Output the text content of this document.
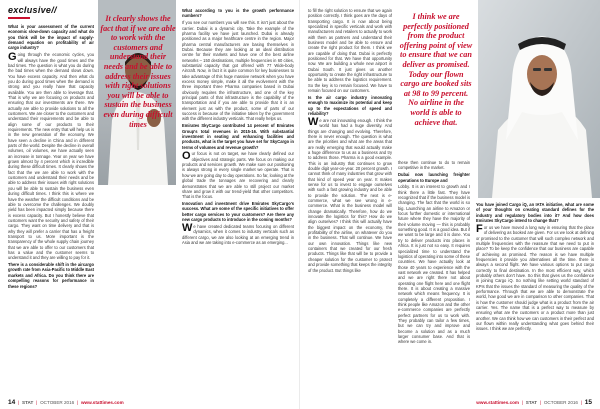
exclusive//

What is your assessment of the current economic slow-down capacity and what do you think will be the impact of supply-demand equation on profitability of air cargo industry?

Going through the economic cycles, you will always have the good times and the bad times. The question is what you do during the bad times when the demand slows down. You have excess capacity. And then what do you do during good times when the demand is strong and you really have that capacity available. You are then able to leverage that. That is why we are focusing on products and ensuring that our investments are there. We actually are able to provide solutions to all the customers. We are closer to the customers and understand their requirements and be able to align some of our products to their requirements. The new entry that will help us is in the new generation of the economy. We have seen a decline in China and in different parts of the world. Despite the decline in overall volumes, oil volumes, we have actually seen an increase in tonnage. Year on year we have grown almost by 4 percent which is incredible during these difficult times. It clearly shows the fact that the we are able to work with the customers and understand their needs and be able to address their issues with right solutions you will be able to sustain the business even during difficult times. I think this is where we have the weather the difficult conditions and be able to overcome the challenges. We doubly yield has been impacted simply because there is excess capacity. But I honestly believe that customers want the security and safety of their cargo. They want on time delivery and that is why they will prefer a carrier that has a freight transport to us. More important is the transparency of the whole supply chain journey that we are able to offer to our customers that has a value and the customer seems to understand it and they are willing to pay for it.

There is a considerable shift in the aircargo growth rate from Asia-Pacific to Middle East markets and Africa. Do you think there are compelling reasons for performance in these regions?

It clearly shows the fact that if we are able to work with the customers and understand their needs and be able to address their issues with right solutions you will be able to sustain the business even during difficult times

What according to you is the growth performance numbers?

If you see our numbers you will see this. It isn't just about the carrier. Dubai is a dynamic city. Take the example of the pharma facility we have just launched. Dubai is already positioned as a major healthcare centre in the region. Major pharma central manufacturers are basing themselves in Dubai. Because they are looking at an ideal distribution centre for their markets and have one of the best airline networks – 150 destinations, multiple frequencies in 60 cities, substantial capacity that got offered with 77 Wide-body Aircraft. Now, in fact it is quite common for key businesses to take advantage of this huge massive network when you have excess money simple, make it all the evolvement with the three important three Pharma companies based in Dubai obviously requires the infrastructure, and one of the key principal parts of that infrastructure is the capability of the transportation and if you are able to provide that it is an element just as with the product, some of parts of our success is because of the initiative taken by the government with the different industry verticals. That really helps us.

Emirates SkyCargo contributed 14 percent of Emirates Group's total revenues in 2015-16. With substantial investment in seating and enhancing facilities and products, what is the target you have set for SkyCargo in terms of volumes and revenue growth?

Our focus is not on target, we have clearly defined our objectives and strategic parts. We focus on making our products and services growth. We make sure our positioning is always strong in every single market we operate. That is how we are going day to day operations. So far, looking at the global trade the tonnages are recovering and clearly demonstrates that we are able to still project our market share and grow it with our trend-yield that other competitors. That is the focus.

Innovation and investment drive Emirates SkyCargo's success. What are some of the specific initiatives to offer better cargo services to your customers? Are there any new cargo products to introduce in the coming months?

We have created dedicated teams focusing on different dynamics, when it comes to industry verticals such as different cargo, we are also looking at an emerging trend in Asia and we are taking into e-commerce as an emerging...

14 | STAT | OCTOBER 2016 | www.stattimes.com

to fill the right solution to ensure that we again position correctly. I think goes are the days of transporting cargo. It is now about being specialized in specific verticals and work with manufacturers and retailers to actually to work with them as partners and understand their business model and be able to ensure and create the right product for them. I think we are capable of doing that. Dubai is perfectly positioned for that. We have that opportunity now. We are building a whole new airport in Dubai South. It just gives us another opportunity to create the right infrastructure to be able to address the logistics requirement. So the key is to remain focused. We have to remain focused on our customers.

Is the air cargo industry innovating enough to maximize its potential and keep up to the expectations of speed and reliability?

We are not innovating enough. I think the world has had a huge diversity. And things are changing and evolving. Therefore, there is never enough. The question is what are the priorities and what are the areas that are really emerging that would actually make a huge difference to us as a business and try to address those. Pharma is a good example. This is an industry that continues to grow double digit year-on-year. 20 percent growth. I cannot think of many industries that grow with that kind of speed year on year. It makes sense for us to invest to engage ourselves with such a fast growing industry and be able to provide the solution. The next is e-commerce, what we see wrong in e-commerce. What is the business model will change dramatically. Therefore, how do we innovate the logistics for this? How do we align ourselves? I think this will actually have the biggest impact on the economy, the profitability of the airline, on whatever do you in the business. That will continue. We have our own innovation. Things like new containers that we created for our fresh products. Things like that will be to provide a cheaper solution for the customer to protect and provide something that keeps the integrity of the product. But things like

these then continue to do to remain competitive in the market.

Dubai now launching freighter operations to Europe and

Lobby. It is an interest to growth and I think there a little fast. They have recognized that if the business model is changing. The fact that the world is so big. Launching an airline to Amazon or focus further domestic or international future where they have the majority of their volume moving — this is probably something good. It is a good idea. But if we want to be large and it is done. You try to deliver products into places in Africa. It is just not so easy. It requires specialized time to understand the logistics of operating into some of these countries. We have actually look at those 40 years to experience with the vast network we created. It has helped and we are right there not about operating one flight here and one flight there. It is about creating a massive network which means frequency. It is completely a different proposition. I think people like Amazon and the other e-commerce companies are perfectly perfect partners for us to work with. They probably can tailor a few times, but we can try and improve and become a solution and as a much larger consumer base. And that is where we come in.

I think we are perfectly positioned from the product offering point of view to ensure that we can deliver as promised. Today our flown cargo are booked sits at 98 to 99 percent. No airline in the world is able to achieve that.

You have joined Cargo iQ, an IATA initiative, what are some of your thoughts on creating standard defines for the industry and regulatory bodies into it? And how does Emirates SkyCargo intend to change that?

For us we have moved a long way in ensuring that the place of delivering as booked are given. For us we look at defining or promised to the customer that will such complex network and multiple frequencies with the reassure that we need to put in place? To be keep the confidence that our business are capable of achieving as promised. The reason is we have multiple frequencies it provide you alternatives all the time. there is always a second flight. We have various options to put cargo correctly to final destination. In the most efficient way, which probably others don't have. So this that gives us the confidence in joining Cargo iQ. So nothing like setting world standard of KPIs that the issues the standard of measuring the quality of the performance. Through that we are able to demonstrate the world, how good we are in comparison to other companies. That is how the customer should judge what is a product from the air carrier. Yes. The name that is a perfect way to measure by ensuring what are the customers or a product more than just another. We can think how we can customers in their perfect and our flown within really understanding what goes behind their issues. I think we are perfectly.

www.stattimes.com | STAT | OCTOBER 2016 | 15
